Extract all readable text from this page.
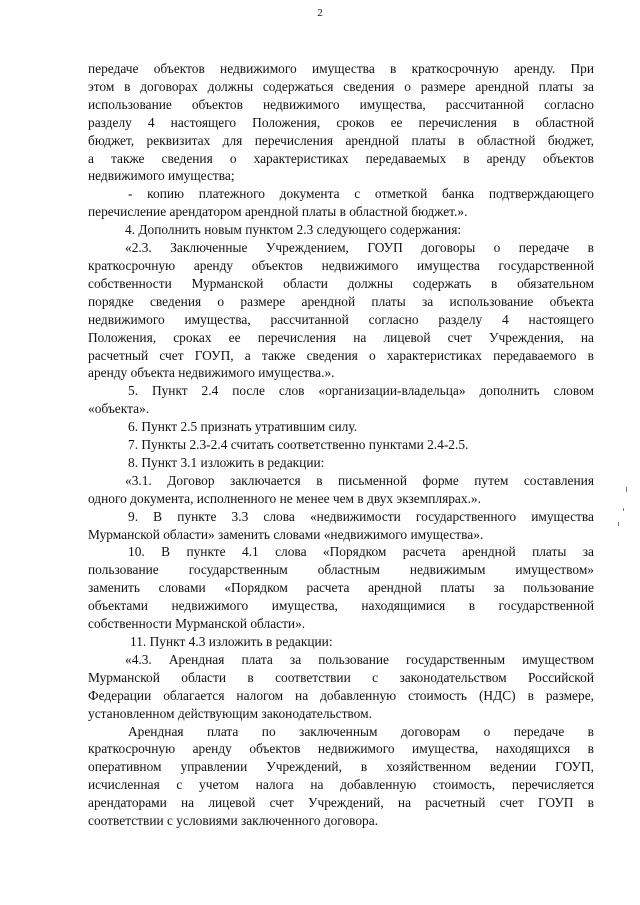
2

передаче объектов недвижимого имущества в краткосрочную аренду. При
этом в договорах должны содержаться сведения о размере арендной платы за
использование объектов недвижимого имущества, рассчитанной согласно
разделу 4 настоящего Положения, сроков ее перечисления в областной
бюджет, реквизитах для перечисления арендной платы в областной бюджет,
а также сведения о характеристиках передаваемых в аренду объектов
недвижимого имущества;

- копию платежного документа с отметкой банка подтверждающего
перечисление арендатором арендной платы в областной бюджет.».

4. Дополнить новым пунктом 2.3 следующего содержания:

«2.3. Заключенные Учреждением, ГОУП договоры о передаче в
краткосрочную аренду объектов недвижимого имущества государственной
собственности Мурманской области должны содержать в обязательном
порядке сведения о размере арендной платы за использование объекта
недвижимого имущества, рассчитанной согласно разделу 4 настоящего
Положения, сроках ее перечисления на лицевой счет Учреждения, на
расчетный счет ГОУП, а также сведения о характеристиках передаваемого в
аренду объекта недвижимого имущества.».

5. Пункт 2.4 после слов «организации-владельца» дополнить словом
«объекта».

6. Пункт 2.5 признать утратившим силу.

7. Пункты 2.3-2.4 считать соответственно пунктами 2.4-2.5.

8. Пункт 3.1 изложить в редакции:

«3.1. Договор заключается в письменной форме путем составления
одного документа, исполненного не менее чем в двух экземплярах.».

9. В пункте 3.3 слова «недвижимости государственного имущества
Мурманской области» заменить словами «недвижимого имущества».

10. В пункте 4.1 слова «Порядком расчета арендной платы за
пользование государственным областным недвижимым имуществом»
заменить словами «Порядком расчета арендной платы за пользование
объектами недвижимого имущества, находящимися в государственной
собственности Мурманской области».

11. Пункт 4.3 изложить в редакции:

«4.3. Арендная плата за пользование государственным имуществом
Мурманской области в соответствии с законодательством Российской
Федерации облагается налогом на добавленную стоимость (НДС) в размере,
установленном действующим законодательством.

Арендная плата по заключенным договорам о передаче в
краткосрочную аренду объектов недвижимого имущества, находящихся в
оперативном управлении Учреждений, в хозяйственном ведении ГОУП,
исчисленная с учетом налога на добавленную стоимость, перечисляется
арендаторами на лицевой счет Учреждений, на расчетный счет ГОУП в
соответствии с условиями заключенного договора.
